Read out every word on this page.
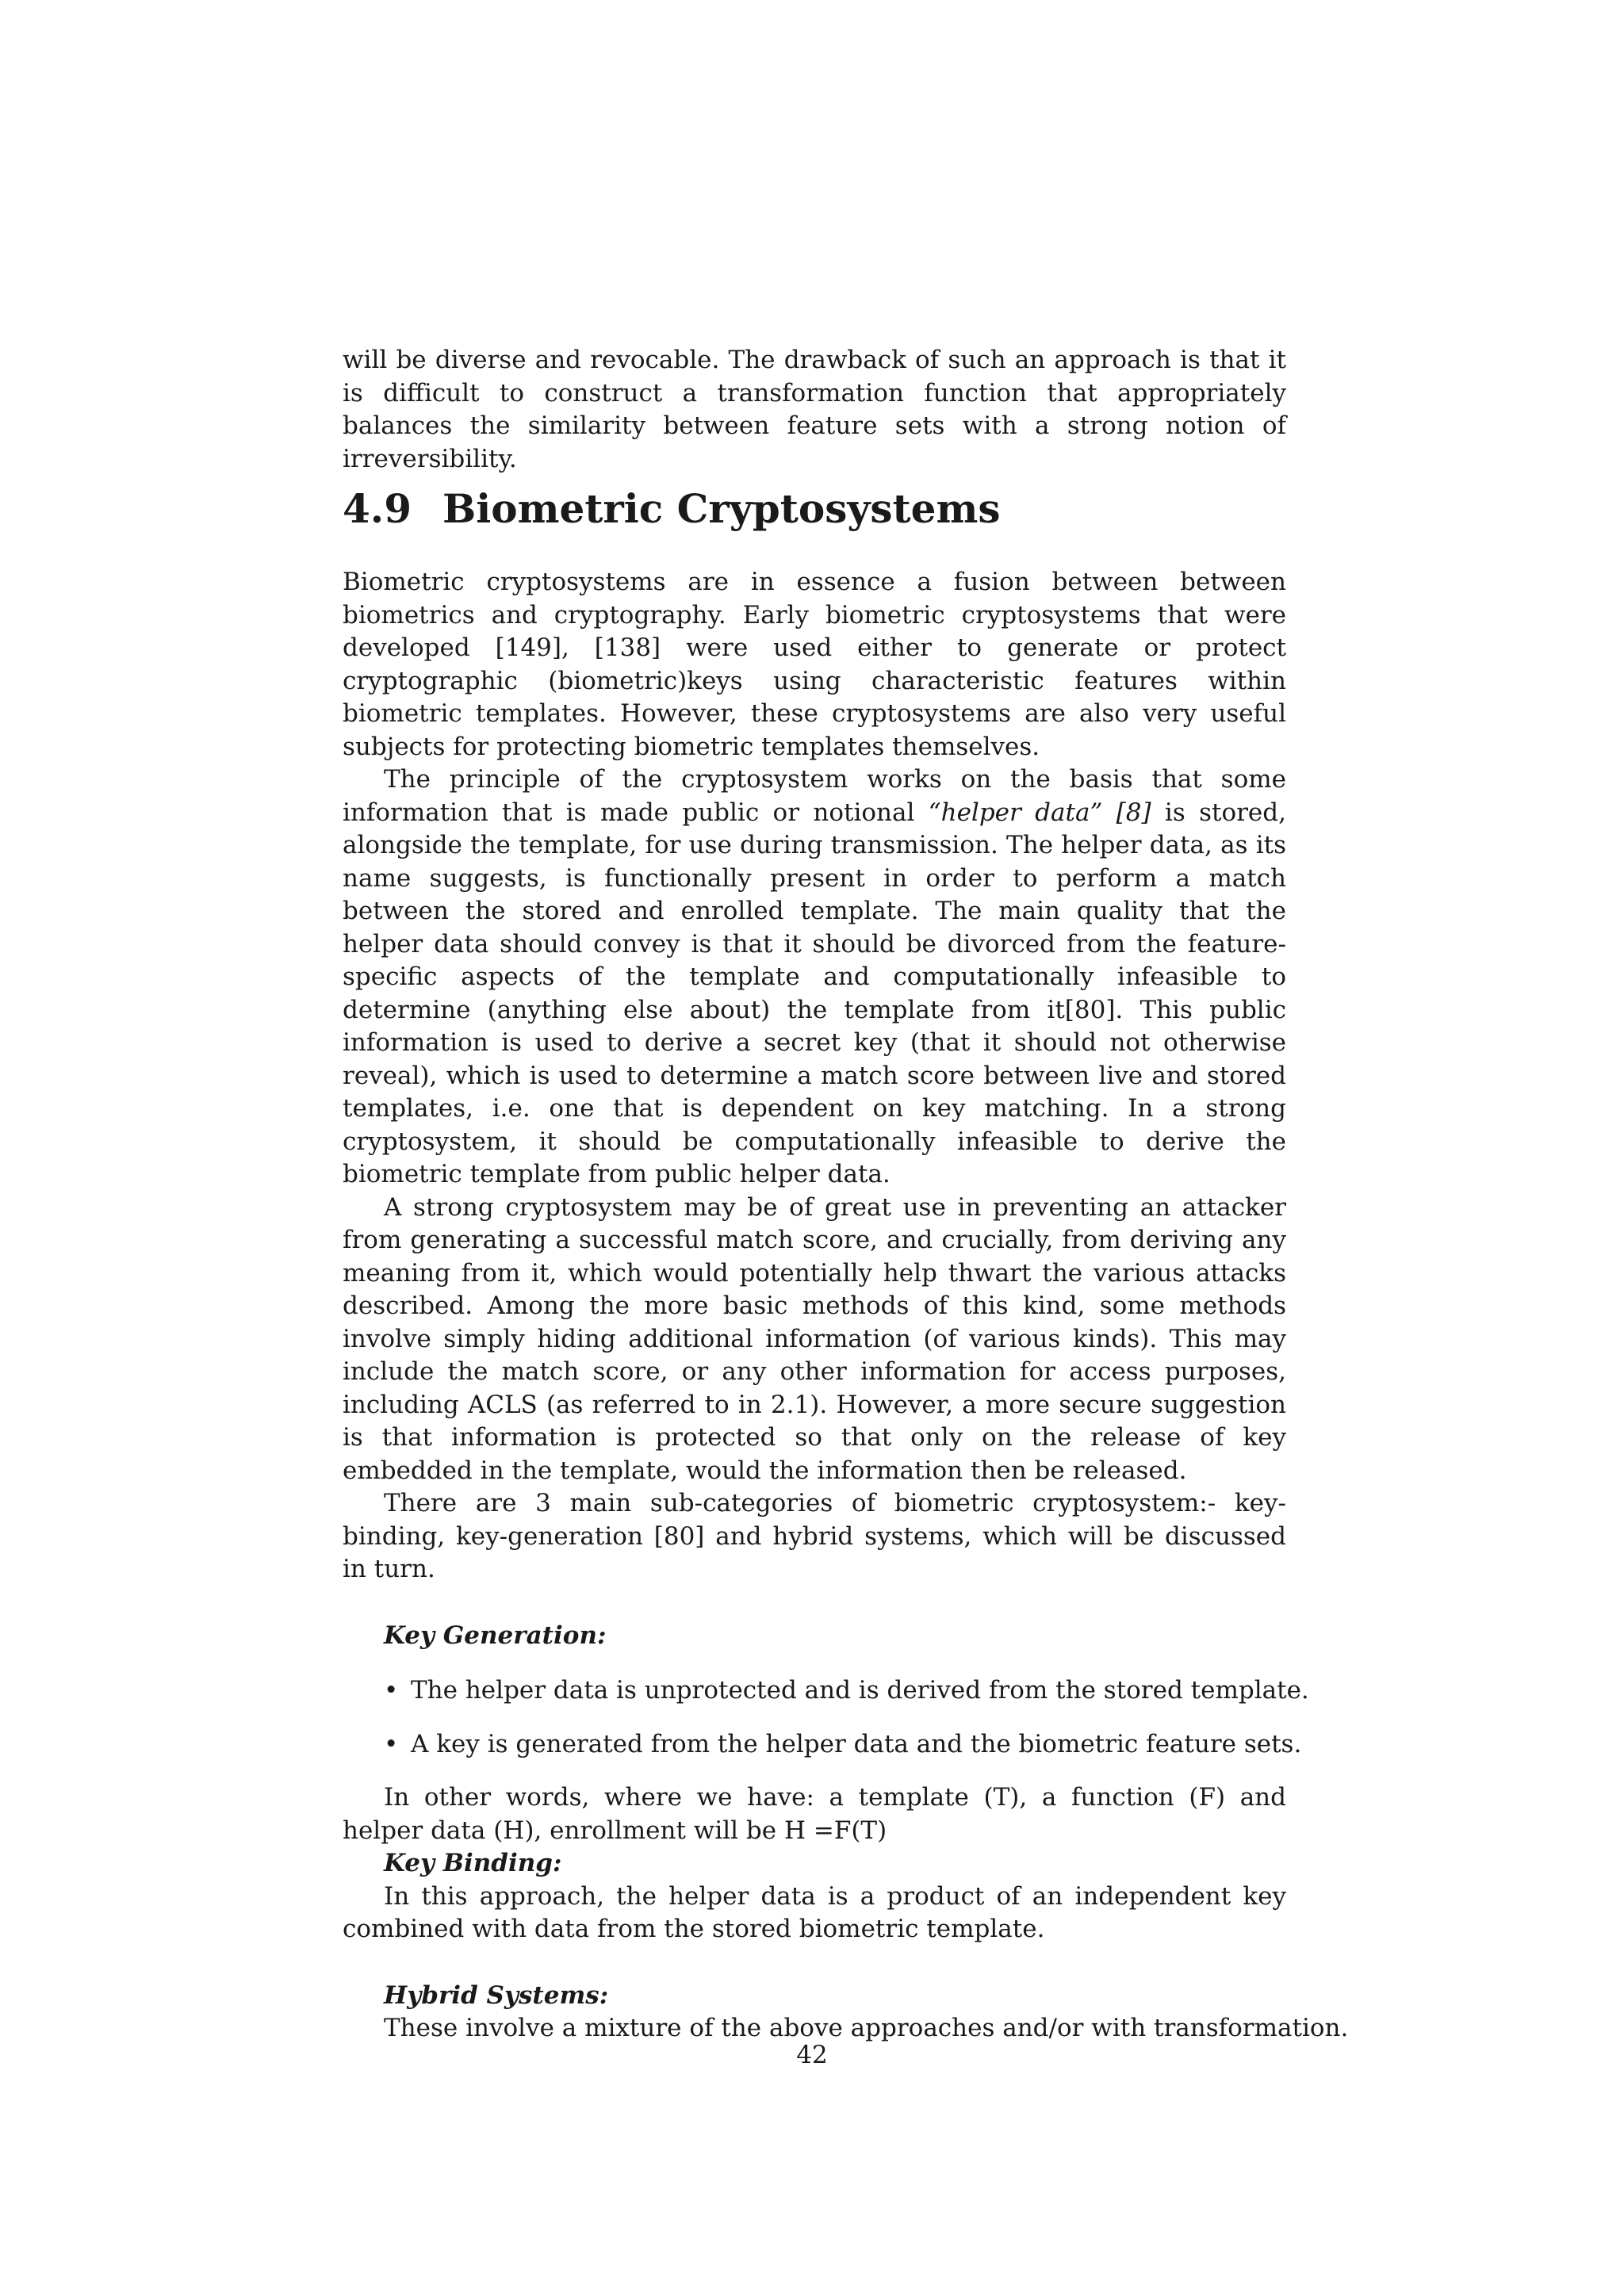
will be diverse and revocable. The drawback of such an approach is that it is difficult to construct a transformation function that appropriately balances the similarity between feature sets with a strong notion of irreversibility.

4.9 Biometric Cryptosystems

Biometric cryptosystems are in essence a fusion between between biometrics and cryptography. Early biometric cryptosystems that were developed [149], [138] were used either to generate or protect cryptographic (biometric)keys using characteristic features within biometric templates. However, these cryptosystems are also very useful subjects for protecting biometric templates themselves.

The principle of the cryptosystem works on the basis that some information that is made public or notional “helper data” [8] is stored, alongside the template, for use during transmission. The helper data, as its name suggests, is functionally present in order to perform a match between the stored and enrolled template. The main quality that the helper data should convey is that it should be divorced from the feature-specific aspects of the template and computationally infeasible to determine (anything else about) the template from it[80]. This public information is used to derive a secret key (that it should not otherwise reveal), which is used to determine a match score between live and stored templates, i.e. one that is dependent on key matching. In a strong cryptosystem, it should be computationally infeasible to derive the biometric template from public helper data.

A strong cryptosystem may be of great use in preventing an attacker from generating a successful match score, and crucially, from deriving any meaning from it, which would potentially help thwart the various attacks described. Among the more basic methods of this kind, some methods involve simply hiding additional information (of various kinds). This may include the match score, or any other information for access purposes, including ACLS (as referred to in 2.1). However, a more secure suggestion is that information is protected so that only on the release of key embedded in the template, would the information then be released.

There are 3 main sub-categories of biometric cryptosystem:- key-binding, key-generation [80] and hybrid systems, which will be discussed in turn.

Key Generation:

• The helper data is unprotected and is derived from the stored template.
• A key is generated from the helper data and the biometric feature sets.

In other words, where we have: a template (T), a function (F) and helper data (H), enrollment will be H =F(T)

Key Binding:

In this approach, the helper data is a product of an independent key combined with data from the stored biometric template.

Hybrid Systems:

These involve a mixture of the above approaches and/or with transformation.

42
